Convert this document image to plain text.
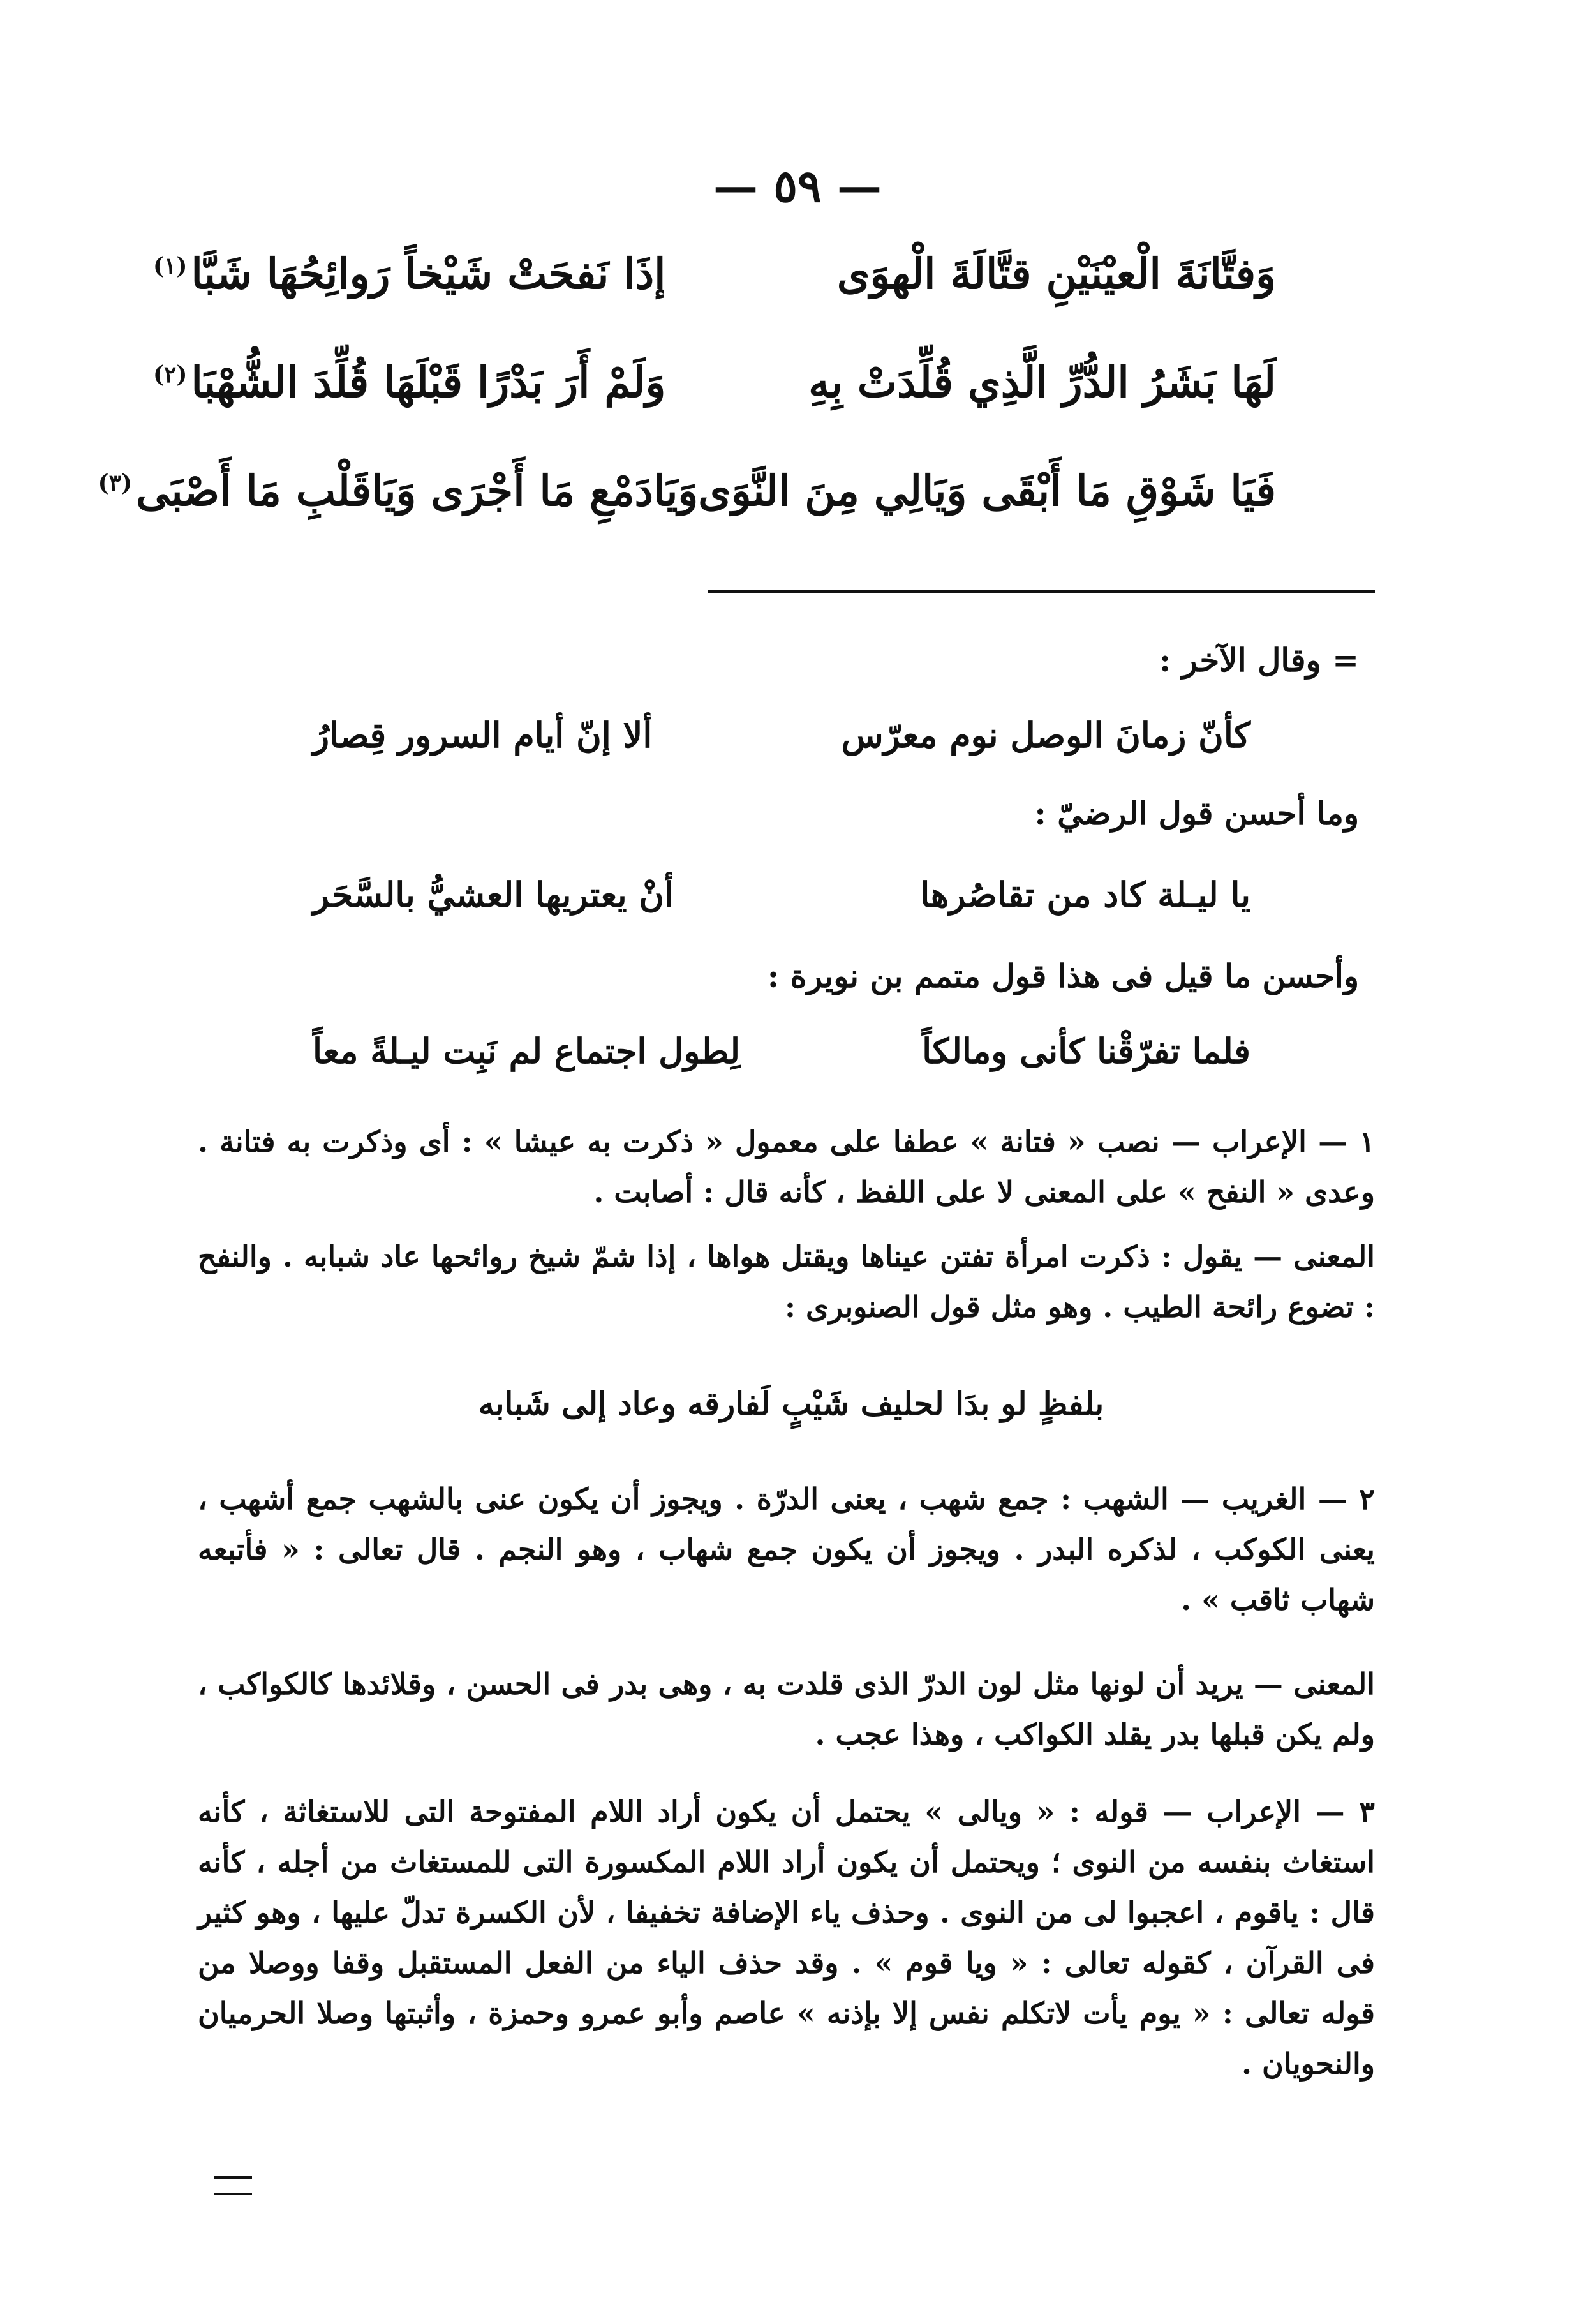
— ٥٩ —
وَفتَّانَةَ الْعيْنَيْنِ قتَّالَةَ الْهوَى
إذَا نَفحَتْ شَيْخاً رَوائِحُهَا شَبَّا$^{(١)}$
لَهَا بَشَرُ الدُّرِّ الَّذِي قُلِّدَتْ بِهِ
وَلَمْ أَرَ بَدْرًا قَبْلَهَا قُلِّدَ الشُّهْبَا$^{(٢)}$
فَيَا شَوْقِ مَا أَبْقَى وَيَالِي مِنَ النَّوَى
وَيَادَمْعِ مَا أَجْرَى وَيَاقَلْبِ مَا أَصْبَى$^{(٣)}$
= وقال الآخر :
كأنّ زمانَ الوصل نوم معرّس
ألا إنّ أيام السرور قِصارُ
وما أحسن قول الرضيّ :
يا ليـلة كاد من تقاصُرها
أنْ يعتريها العشيُّ بالسَّحَر
وأحسن ما قيل فى هذا قول متمم بن نويرة :
فلما تفرّقْنا كأنى ومالكاً
لِطول اجتماع لم نَبِت ليـلةً معاً

١ — الإعراب — نصب « فتانة » عطفا على معمول « ذكرت به عيشا » : أى وذكرت به فتانة . وعدى « النفح » على المعنى لا على اللفظ ، كأنه قال : أصابت .

المعنى — يقول : ذكرت امرأة تفتن عيناها ويقتل هواها ، إذا شمّ شيخ روائحها عاد شبابه . والنفح : تضوع رائحة الطيب . وهو مثل قول الصنوبرى :

بلفظٍ لو بدَا لحليف شَيْبٍ لَفارقه وعاد إلى شَبابه

٢ — الغريب — الشهب : جمع شهب ، يعنى الدرّة . ويجوز أن يكون عنى بالشهب جمع أشهب ، يعنى الكوكب ، لذكره البدر . ويجوز أن يكون جمع شهاب ، وهو النجم . قال تعالى : « فأتبعه شهاب ثاقب » .

المعنى — يريد أن لونها مثل لون الدرّ الذى قلدت به ، وهى بدر فى الحسن ، وقلائدها كالكواكب ، ولم يكن قبلها بدر يقلد الكواكب ، وهذا عجب .

٣ — الإعراب — قوله : « ويالى » يحتمل أن يكون أراد اللام المفتوحة التى للاستغاثة ، كأنه استغاث بنفسه من النوى ؛ ويحتمل أن يكون أراد اللام المكسورة التى للمستغاث من أجله ، كأنه قال : ياقوم ، اعجبوا لى من النوى . وحذف ياء الإضافة تخفيفا ، لأن الكسرة تدلّ عليها ، وهو كثير فى القرآن ، كقوله تعالى : « ويا قوم » . وقد حذف الياء من الفعل المستقبل وقفا ووصلا من قوله تعالى : « يوم يأت لاتكلم نفس إلا بإذنه » عاصم وأبو عمرو وحمزة ، وأثبتها وصلا الحرميان والنحويان .
